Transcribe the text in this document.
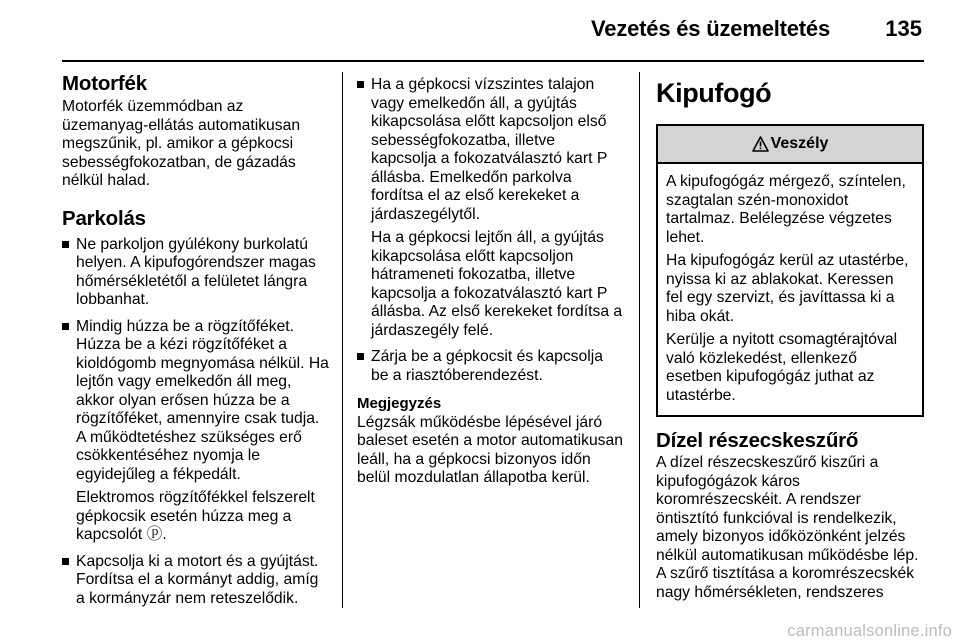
Vezetés és üzemeltetés	135
Motorfék

Motorfék üzemmódban az üzemanyag-ellátás automatikusan megszűnik, pl. amikor a gépkocsi sebességfokozatban, de gázadás nélkül halad.

Parkolás

Ne parkoljon gyúlékony burkolatú helyen. A kipufogórendszer magas hőmérsékletétől a felületet lángra lobbanhat.

Mindig húzza be a rögzítőféket. Húzza be a kézi rögzítőféket a kioldógomb megnyomása nélkül. Ha lejtőn vagy emelkedőn áll meg, akkor olyan erősen húzza be a rögzítőféket, amennyire csak tudja. A működtetéshez szükséges erő csökkentéséhez nyomja le egyidejűleg a fékpedált.

Elektromos rögzítőfékkel felszerelt gépkocsik esetén húzza meg a kapcsolót ⓟ.

Kapcsolja ki a motort és a gyújtást. Fordítsa el a kormányt addig, amíg a kormányzár nem reteszelődik.

Ha a gépkocsi vízszintes talajon vagy emelkedőn áll, a gyújtás kikapcsolása előtt kapcsoljon első sebességfokozatba, illetve kapcsolja a fokozatválasztó kart P állásba. Emelkedőn parkolva fordítsa el az első kerekeket a járdaszegélytől.

Ha a gépkocsi lejtőn áll, a gyújtás kikapcsolása előtt kapcsoljon hátrameneti fokozatba, illetve kapcsolja a fokozatválasztó kart P állásba. Az első kerekeket fordítsa a járdaszegély felé.

Zárja be a gépkocsit és kapcsolja be a riasztóberendezést.

Megjegyzés

Légzsák működésbe lépésével járó baleset esetén a motor automatikusan leáll, ha a gépkocsi bizonyos időn belül mozdulatlan állapotba kerül.

Kipufogó
Veszély

A kipufogógáz mérgező, színtelen, szagtalan szén-monoxidot tartalmaz. Belélegzése végzetes lehet.

Ha kipufogógáz kerül az utastérbe, nyissa ki az ablakokat. Keressen fel egy szervizt, és javíttassa ki a hiba okát.

Kerülje a nyitott csomagtérajtóval való közlekedést, ellenkező esetben kipufogógáz juthat az utastérbe.

Dízel részecskeszűrő

A dízel részecskeszűrő kiszűri a kipufogógázok káros koromrészecskéit. A rendszer öntisztító funkcióval is rendelkezik, amely bizonyos időközönként jelzés nélkül automatikusan működésbe lép. A szűrő tisztítása a koromrészecskék nagy hőmérsékleten, rendszeres

carmanualsonline.info
